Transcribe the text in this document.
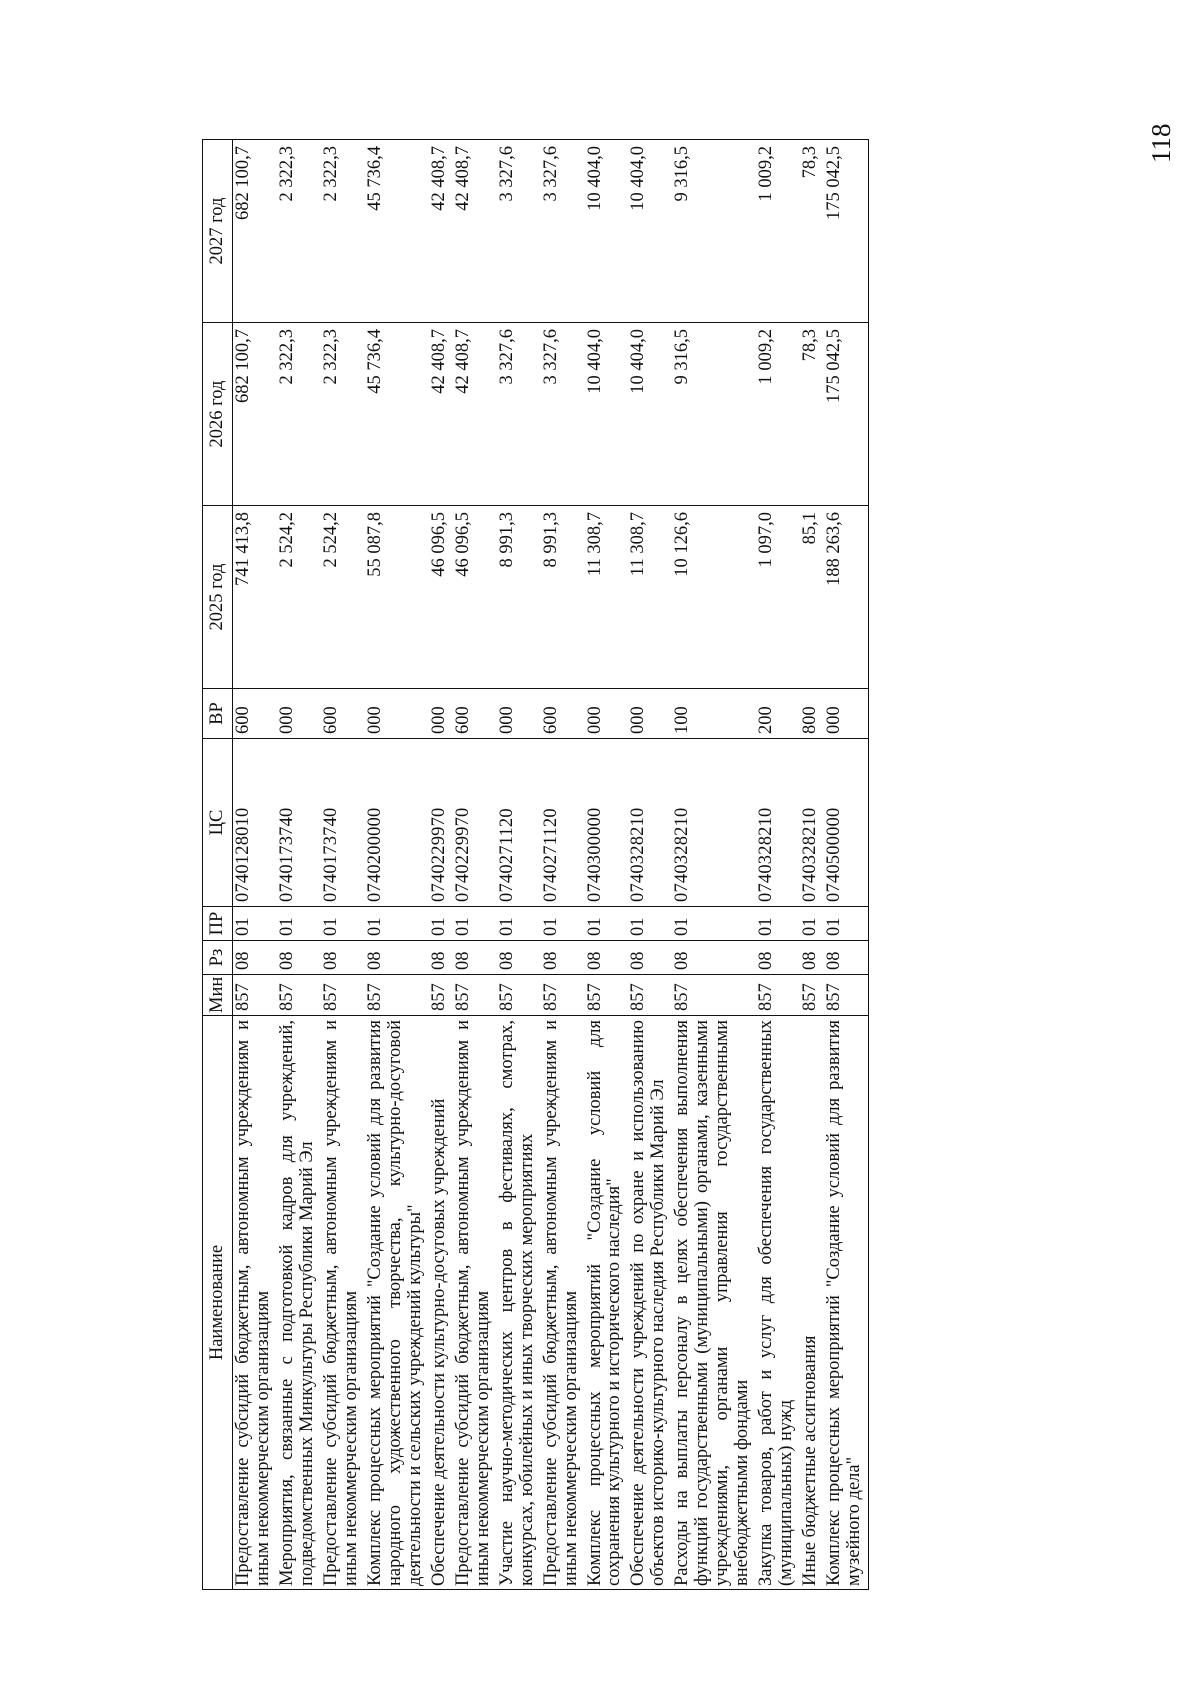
118
Наименование	Мин	Рз	ПР	ЦС	ВР	2025 год	2026 год	2027 год
Предоставление субсидий бюджетным, автономным учреждениям и иным некоммерческим организациям	857	08	01	0740128010	600	741 413,8	682 100,7	682 100,7
Мероприятия, связанные с подготовкой кадров для учреждений, подведомственных Минкультуры Республики Марий Эл	857	08	01	0740173740	000	2 524,2	2 322,3	2 322,3
Предоставление субсидий бюджетным, автономным учреждениям и иным некоммерческим организациям	857	08	01	0740173740	600	2 524,2	2 322,3	2 322,3
Комплекс процессных мероприятий "Создание условий для развития народного художественного творчества, культурно-досуговой деятельности и сельских учреждений культуры"	857	08	01	0740200000	000	55 087,8	45 736,4	45 736,4
Обеспечение деятельности культурно-досуговых учреждений	857	08	01	0740229970	000	46 096,5	42 408,7	42 408,7
Предоставление субсидий бюджетным, автономным учреждениям и иным некоммерческим организациям	857	08	01	0740229970	600	46 096,5	42 408,7	42 408,7
Участие научно-методических центров в фестивалях, смотрах, конкурсах, юбилейных и иных творческих мероприятиях	857	08	01	0740271120	000	8 991,3	3 327,6	3 327,6
Предоставление субсидий бюджетным, автономным учреждениям и иным некоммерческим организациям	857	08	01	0740271120	600	8 991,3	3 327,6	3 327,6
Комплекс процессных мероприятий "Создание условий для сохранения культурного и исторического наследия"	857	08	01	0740300000	000	11 308,7	10 404,0	10 404,0
Обеспечение деятельности учреждений по охране и использованию объектов историко-культурного наследия Республики Марий Эл	857	08	01	0740328210	000	11 308,7	10 404,0	10 404,0
Расходы на выплаты персоналу в целях обеспечения выполнения функций государственными (муниципальными) органами, казенными учреждениями, органами управления государственными внебюджетными фондами	857	08	01	0740328210	100	10 126,6	9 316,5	9 316,5
Закупка товаров, работ и услуг для обеспечения государственных (муниципальных) нужд	857	08	01	0740328210	200	1 097,0	1 009,2	1 009,2
Иные бюджетные ассигнования	857	08	01	0740328210	800	85,1	78,3	78,3
Комплекс процессных мероприятий "Создание условий для развития музейного дела"	857	08	01	0740500000	000	188 263,6	175 042,5	175 042,5
